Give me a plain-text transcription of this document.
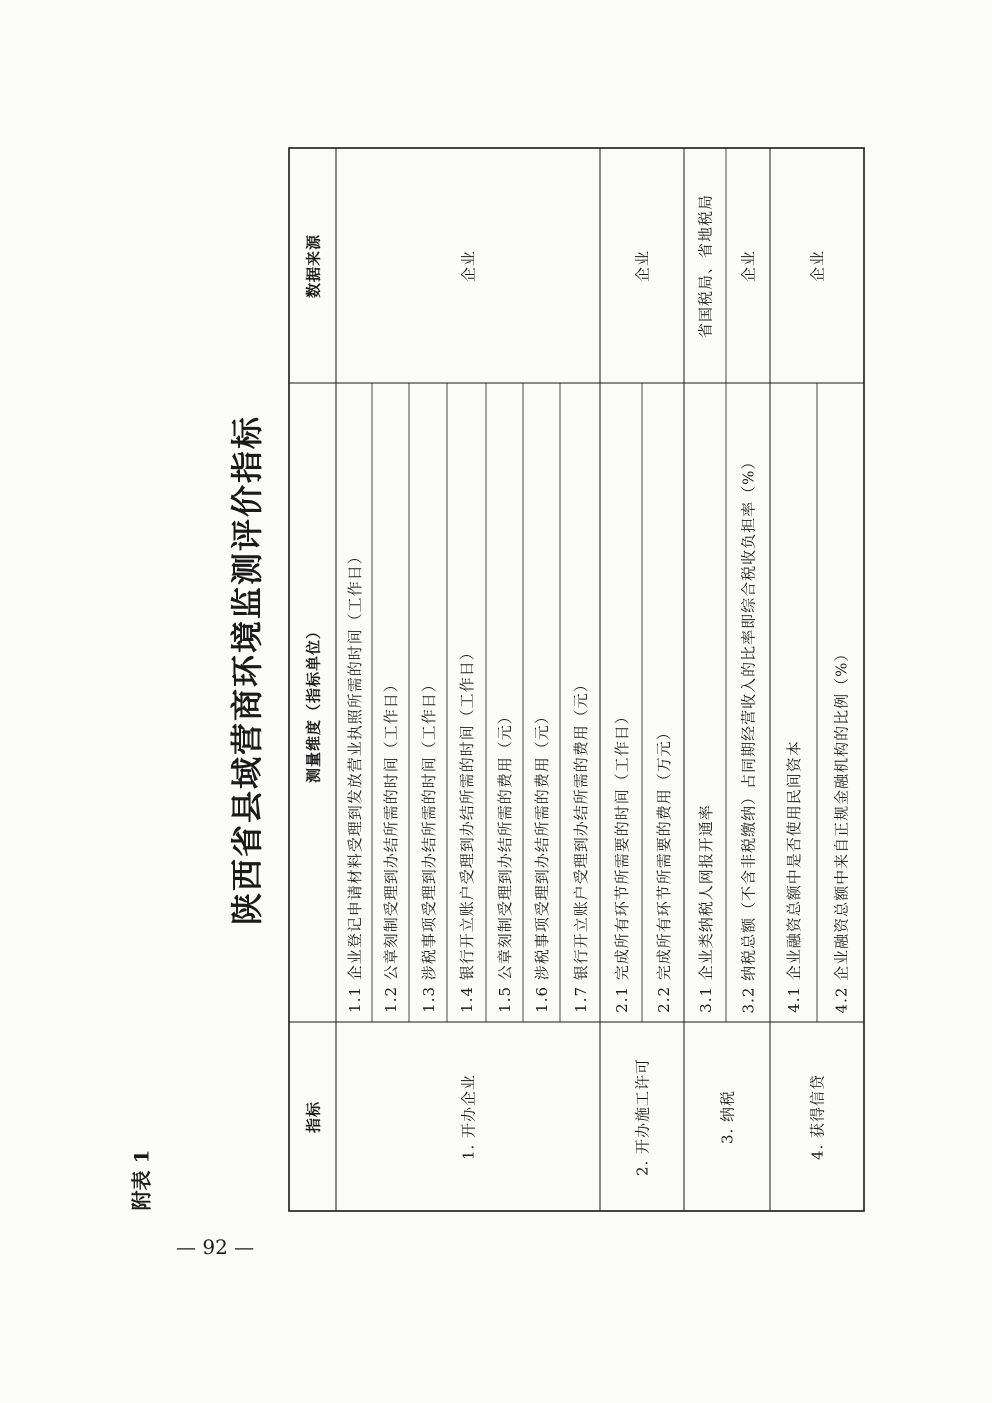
— 92 —
附表 1
陕西省县域营商环境监测评价指标
指标
测量维度（指标单位）
数据来源
1. 开办企业
企业
1.1 企业登记申请材料受理到发放营业执照所需的时间（工作日） 1.2 公章刻制受理到办结所需的时间（工作日） 1.3 涉税事项受理到办结所需的时间（工作日） 1.4 银行开立账户受理到办结所需的时间（工作日） 1.5 公章刻制受理到办结所需的费用（元） 1.6 涉税事项受理到办结所需的费用（元） 1.7 银行开立账户受理到办结所需的费用（元）
2. 开办施工许可
企业
2.1 完成所有环节所需要的时间（工作日） 2.2 完成所有环节所需要的费用（万元）
3. 纳税
省国税局、省地税局 企业
3.1 企业类纳税人网报开通率 3.2 纳税总额（不含非税缴纳）占同期经营收入的比率即综合税收负担率（%）
4. 获得信贷
企业
4.1 企业融资总额中是否使用民间资本 4.2 企业融资总额中来自正规金融机构的比例（%）
